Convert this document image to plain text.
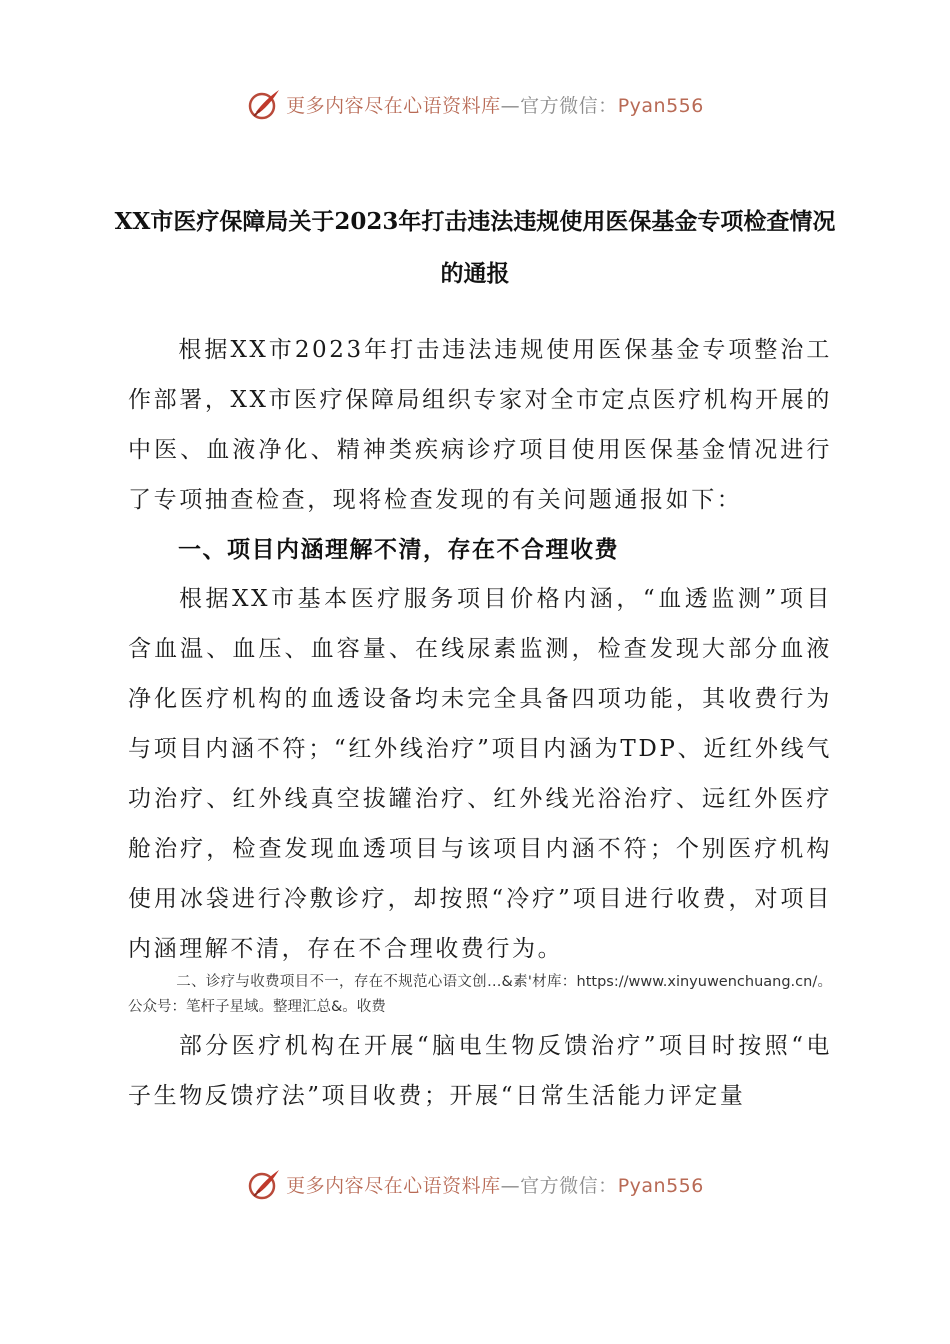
更多内容尽在心语资料库—官方微信：Pyan556
XX市医疗保障局关于2023年打击违法违规使用医保基金专项检查情况的通报
根据XX市2023年打击违法违规使用医保基金专项整治工作部署，XX市医疗保障局组织专家对全市定点医疗机构开展的中医、血液净化、精神类疾病诊疗项目使用医保基金情况进行了专项抽查检查，现将检查发现的有关问题通报如下：
一、项目内涵理解不清，存在不合理收费
根据XX市基本医疗服务项目价格内涵，“血透监测”项目含血温、血压、血容量、在线尿素监测，检查发现大部分血液净化医疗机构的血透设备均未完全具备四项功能，其收费行为与项目内涵不符；“红外线治疗”项目内涵为TDP、近红外线气功治疗、红外线真空拔罐治疗、红外线光浴治疗、远红外医疗舱治疗，检查发现血透项目与该项目内涵不符；个别医疗机构使用冰袋进行冷敷诊疗，却按照“冷疗”项目进行收费，对项目内涵理解不清，存在不合理收费行为。
二、诊疗与收费项目不一，存在不规范心语文创…&素'材库：https://www.xinyuwenchuang.cn/。公众号：笔杆子星域。整理汇总&。收费
部分医疗机构在开展“脑电生物反馈治疗”项目时按照“电子生物反馈疗法”项目收费；开展“日常生活能力评定量
更多内容尽在心语资料库—官方微信：Pyan556
